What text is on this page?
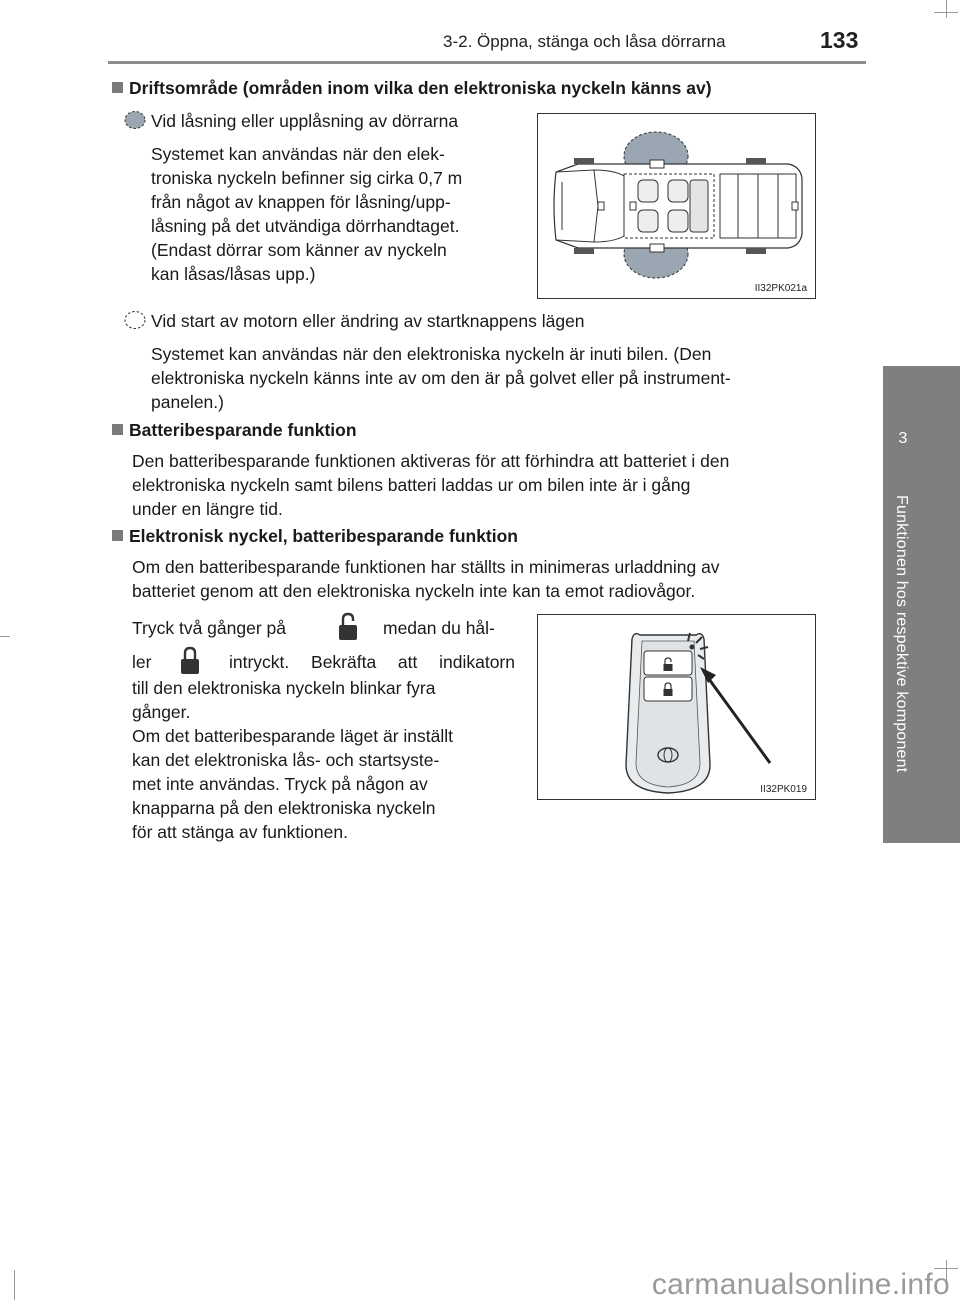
3-2. Öppna, stänga och låsa dörrarna	133
3
Funktionen hos respektive komponent
Driftsområde (områden inom vilka den elektroniska nyckeln känns av)
Vid låsning eller upplåsning av dörrarna
Systemet kan användas när den elek-
troniska nyckeln befinner sig cirka 0,7 m
från något av knappen för låsning/upp-
låsning på det utvändiga dörrhandtaget.
(Endast dörrar som känner av nyckeln
kan låsas/låsas upp.)
II32PK021a
Vid start av motorn eller ändring av startknappens lägen
Systemet kan användas när den elektroniska nyckeln är inuti bilen. (Den
elektroniska nyckeln känns inte av om den är på golvet eller på instrument-
panelen.)
Batteribesparande funktion
Den batteribesparande funktionen aktiveras för att förhindra att batteriet i den
elektroniska nyckeln samt bilens batteri laddas ur om bilen inte är i gång
under en längre tid.
Elektronisk nyckel, batteribesparande funktion
Om den batteribesparande funktionen har ställts in minimeras urladdning av
batteriet genom att den elektroniska nyckeln inte kan ta emot radiovågor.
Tryck två gånger på	medan du hål-
ler	intryckt. Bekräfta att indikatorn
till den elektroniska nyckeln blinkar fyra
gånger.
Om det batteribesparande läget är inställt
kan det elektroniska lås- och startsyste-
met inte användas. Tryck på någon av
knapparna på den elektroniska nyckeln
för att stänga av funktionen.
II32PK019
carmanualsonline.info
